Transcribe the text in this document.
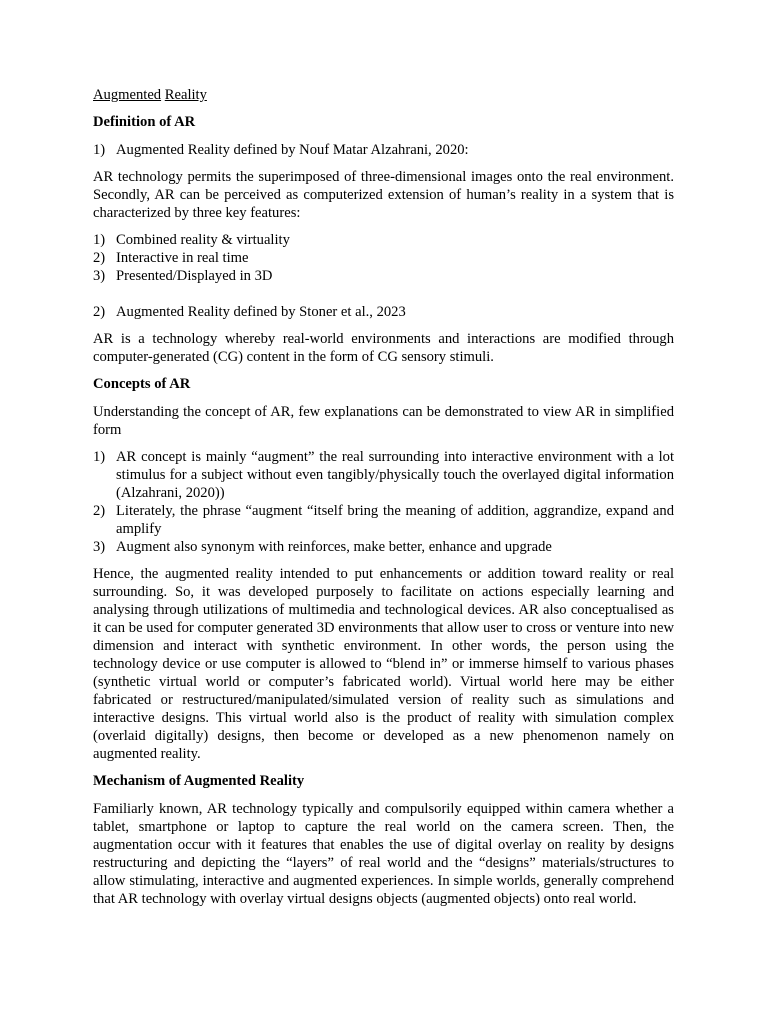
Augmented Reality
Definition of AR
1) Augmented Reality defined by Nouf Matar Alzahrani, 2020:

AR technology permits the superimposed of three-dimensional images onto the real environment. Secondly, AR can be perceived as computerized extension of human’s reality in a system that is characterized by three key features:

1) Combined reality & virtuality
2) Interactive in real time
3) Presented/Displayed in 3D
2) Augmented Reality defined by Stoner et al., 2023

AR is a technology whereby real-world environments and interactions are modified through computer-generated (CG) content in the form of CG sensory stimuli.

Concepts of AR

Understanding the concept of AR, few explanations can be demonstrated to view AR in simplified form

1) AR concept is mainly “augment” the real surrounding into interactive environment with a lot stimulus for a subject without even tangibly/physically touch the overlayed digital information (Alzahrani, 2020))
2) Literately, the phrase “augment “itself bring the meaning of addition, aggrandize, expand and amplify
3) Augment also synonym with reinforces, make better, enhance and upgrade

Hence, the augmented reality intended to put enhancements or addition toward reality or real surrounding. So, it was developed purposely to facilitate on actions especially learning and analysing through utilizations of multimedia and technological devices. AR also conceptualised as it can be used for computer generated 3D environments that allow user to cross or venture into new dimension and interact with synthetic environment. In other words, the person using the technology device or use computer is allowed to “blend in” or immerse himself to various phases (synthetic virtual world or computer’s fabricated world). Virtual world here may be either fabricated or restructured/manipulated/simulated version of reality such as simulations and interactive designs. This virtual world also is the product of reality with simulation complex (overlaid digitally) designs, then become or developed as a new phenomenon namely on augmented reality.

Mechanism of Augmented Reality

Familiarly known, AR technology typically and compulsorily equipped within camera whether a tablet, smartphone or laptop to capture the real world on the camera screen. Then, the augmentation occur with it features that enables the use of digital overlay on reality by designs restructuring and depicting the “layers” of real world and the “designs” materials/structures to allow stimulating, interactive and augmented experiences. In simple worlds, generally comprehend that AR technology with overlay virtual designs objects (augmented objects) onto real world.
